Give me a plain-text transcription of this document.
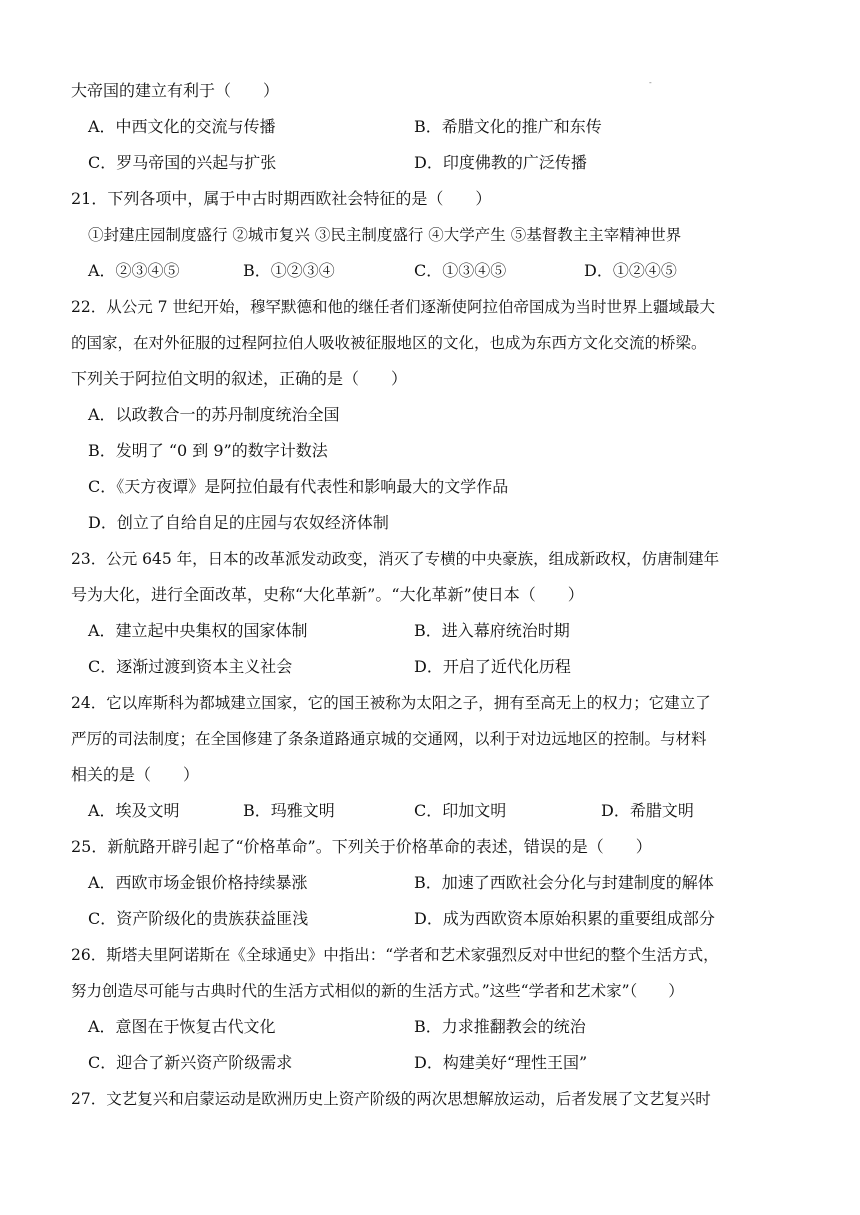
-
大帝国的建立有利于（　　）
A．中西文化的交流与传播	B．希腊文化的推广和东传
C．罗马帝国的兴起与扩张	D．印度佛教的广泛传播
21．下列各项中，属于中古时期西欧社会特征的是（　　）
①封建庄园制度盛行 ②城市复兴 ③民主制度盛行 ④大学产生 ⑤基督教主主宰精神世界
A．②③④⑤	B．①②③④	C．①③④⑤	D．①②④⑤
22．从公元 7 世纪开始，穆罕默德和他的继任者们逐渐使阿拉伯帝国成为当时世界上疆域最大
的国家，在对外征服的过程阿拉伯人吸收被征服地区的文化，也成为东西方文化交流的桥梁。
下列关于阿拉伯文明的叙述，正确的是（　　）
A．以政教合一的苏丹制度统治全国
B．发明了 “0 到 9”的数字计数法
C．《天方夜谭》是阿拉伯最有代表性和影响最大的文学作品
D．创立了自给自足的庄园与农奴经济体制
23．公元 645 年，日本的改革派发动政变，消灭了专横的中央豪族，组成新政权，仿唐制建年
号为大化，进行全面改革，史称“大化革新”。“大化革新”使日本（　　）
A．建立起中央集权的国家体制	B．进入幕府统治时期
C．逐渐过渡到资本主义社会	D．开启了近代化历程
24．它以库斯科为都城建立国家，它的国王被称为太阳之子，拥有至高无上的权力；它建立了
严厉的司法制度；在全国修建了条条道路通京城的交通网，以利于对边远地区的控制。与材料
相关的是（　　）
A．埃及文明	B．玛雅文明	C．印加文明	D．希腊文明
25．新航路开辟引起了“价格革命”。下列关于价格革命的表述，错误的是（　　）
A．西欧市场金银价格持续暴涨	B．加速了西欧社会分化与封建制度的解体
C．资产阶级化的贵族获益匪浅	D．成为西欧资本原始积累的重要组成部分
26．斯塔夫里阿诺斯在《全球通史》中指出：“学者和艺术家强烈反对中世纪的整个生活方式，
努力创造尽可能与古典时代的生活方式相似的新的生活方式。”这些“学者和艺术家”（　　）
A．意图在于恢复古代文化	B．力求推翻教会的统治
C．迎合了新兴资产阶级需求	D．构建美好“理性王国”
27．文艺复兴和启蒙运动是欧洲历史上资产阶级的两次思想解放运动，后者发展了文艺复兴时
